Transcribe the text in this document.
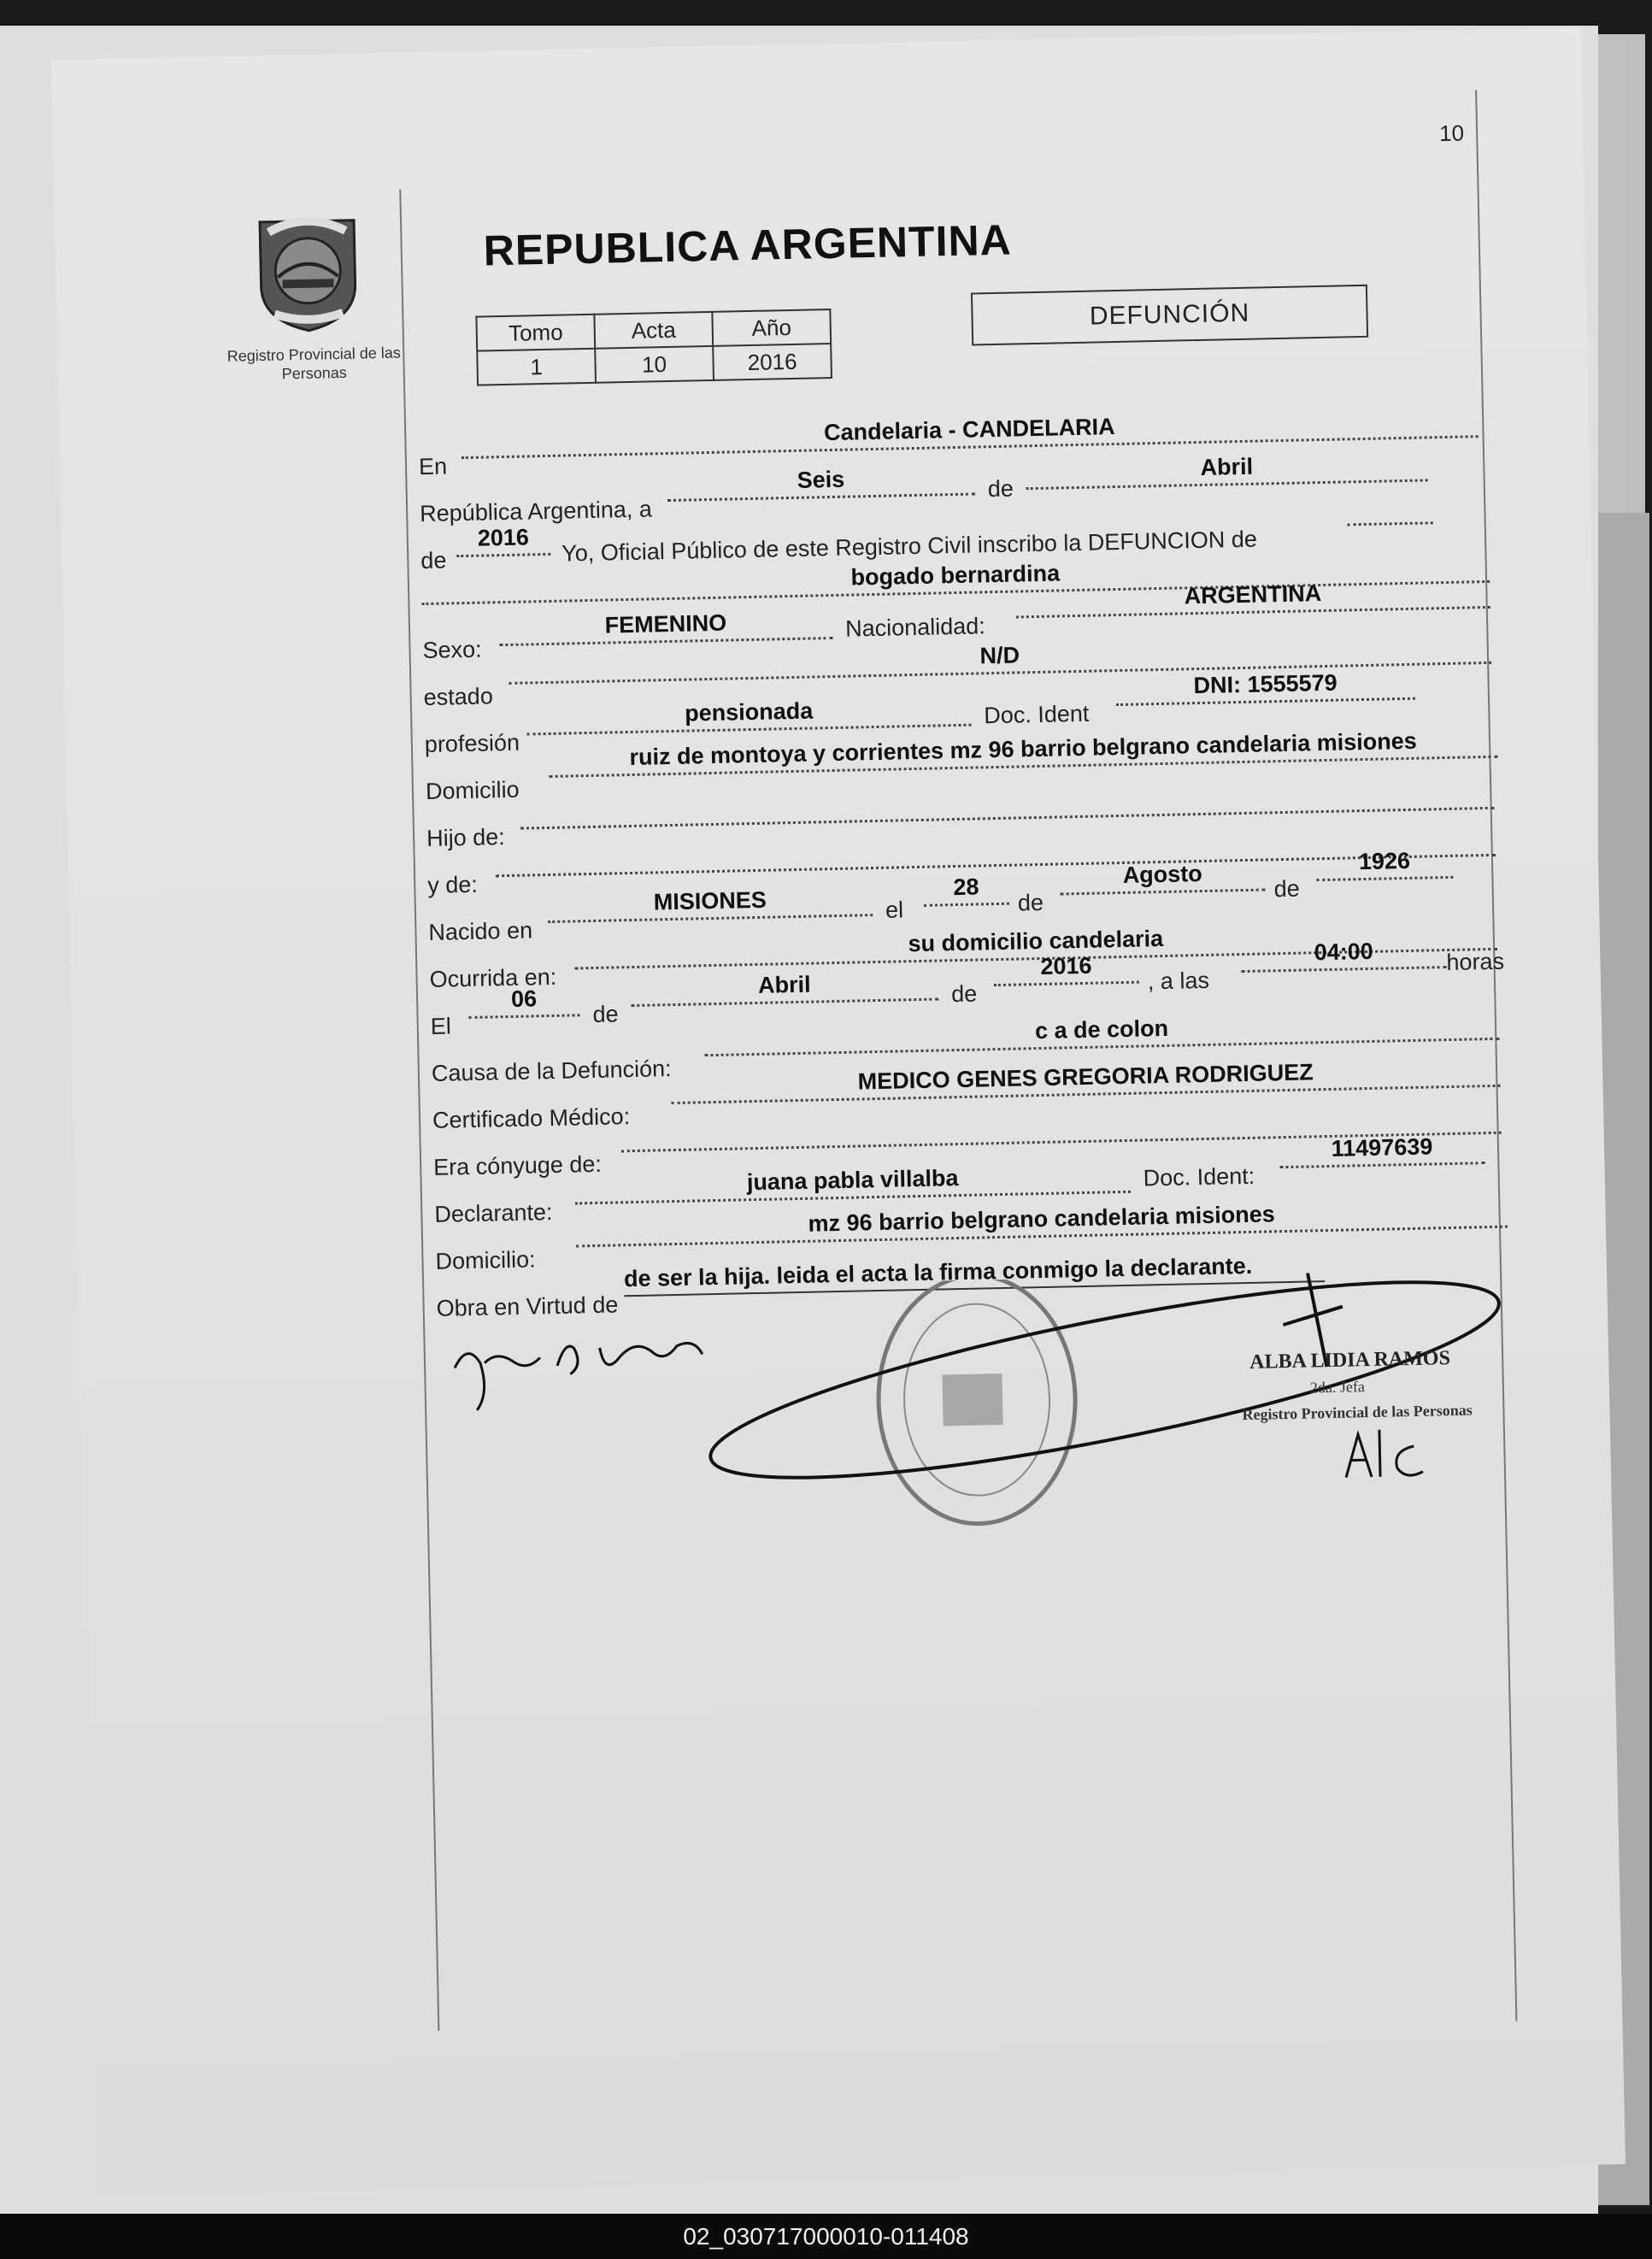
10
Registro Provincial de las Personas
REPUBLICA ARGENTINA
Tomo	Acta	Año
1	10	2016
DEFUNCIÓN
En
Candelaria - CANDELARIA
República Argentina, a
Seis	de
Abril
de
2016	Yo, Oficial Público de este Registro Civil inscribo la DEFUNCION de
bogado bernardina
Sexo:
FEMENINO	Nacionalidad:
ARGENTINA
estado
N/D
profesión
pensionada	Doc. Ident
DNI: 1555579
Domicilio
ruiz de montoya y corrientes mz 96 barrio belgrano candelaria misiones
Hijo de:
y de:
Nacido en
MISIONES	el
28
de
Agosto
de
1926
Ocurrida en:
su domicilio candelaria
El
06
de
Abril	de
2016
, a las
04:00	horas
Causa de la Defunción:
c a de colon
Certificado Médico:
MEDICO GENES GREGORIA RODRIGUEZ
Era cónyuge de:
Declarante:
juana pabla villalba	Doc. Ident:
11497639
Domicilio:
mz 96 barrio belgrano candelaria misiones
Obra en Virtud de
de ser la hija. leida el acta la firma conmigo la declarante.
ALBA LIDIA RAMOS
2da. Jefa
Registro Provincial de las Personas
02_030717000010-011408
